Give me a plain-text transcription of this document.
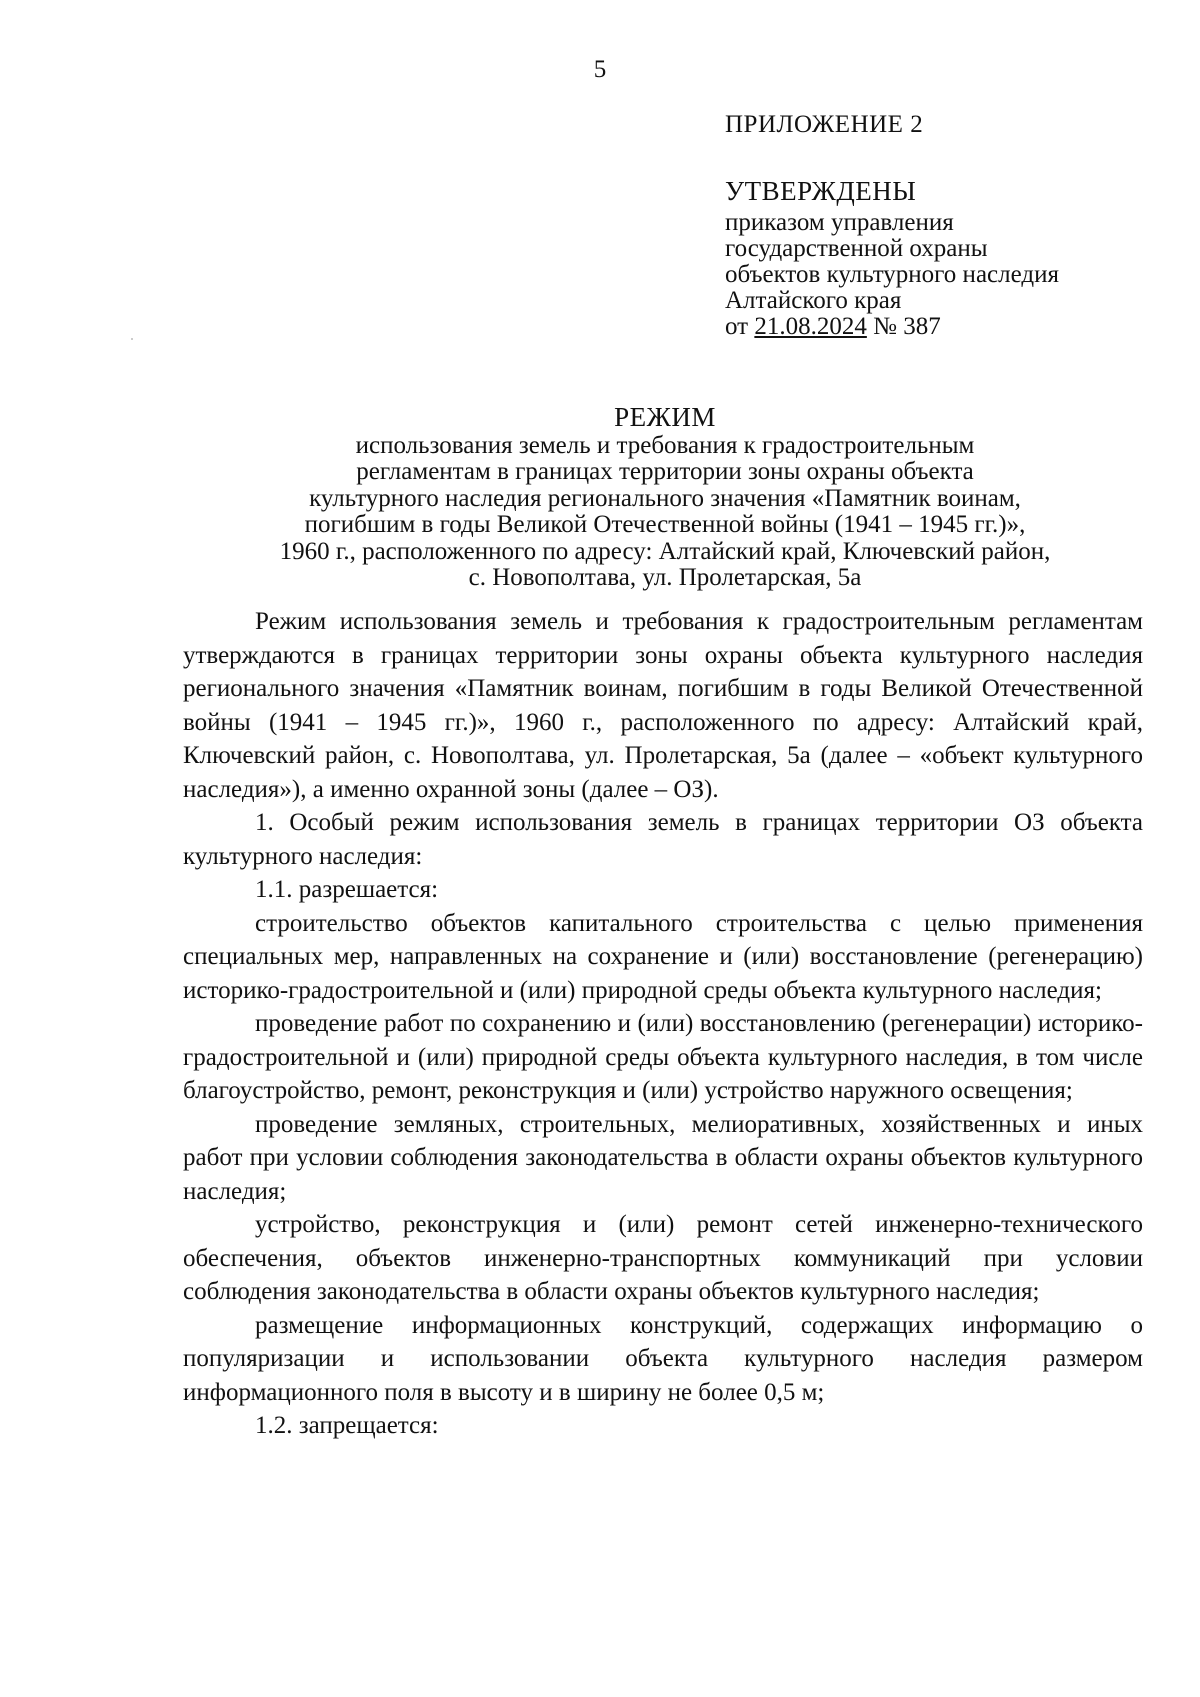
5
ПРИЛОЖЕНИЕ 2
УТВЕРЖДЕНЫ
приказом управления
государственной охраны
объектов культурного наследия
Алтайского края
от 21.08.2024 № 387
РЕЖИМ
использования земель и требования к градостроительным
регламентам в границах территории зоны охраны объекта
культурного наследия регионального значения «Памятник воинам,
погибшим в годы Великой Отечественной войны (1941 – 1945 гг.)»,
1960 г., расположенного по адресу: Алтайский край, Ключевский район,
с. Новополтава, ул. Пролетарская, 5а

Режим использования земель и требования к градостроительным регламентам утверждаются в границах территории зоны охраны объекта культурного наследия регионального значения «Памятник воинам, погибшим в годы Великой Отечественной войны (1941 – 1945 гг.)», 1960 г., расположенного по адресу: Алтайский край, Ключевский район, с. Новополтава, ул. Пролетарская, 5а (далее – «объект культурного наследия»), а именно охранной зоны (далее – ОЗ).

1. Особый режим использования земель в границах территории ОЗ объекта культурного наследия:

1.1. разрешается:

строительство объектов капитального строительства с целью применения специальных мер, направленных на сохранение и (или) восстановление (регенерацию) историко-градостроительной и (или) природной среды объекта культурного наследия;

проведение работ по сохранению и (или) восстановлению (регенерации) историко-градостроительной и (или) природной среды объекта культурного наследия, в том числе благоустройство, ремонт, реконструкция и (или) устройство наружного освещения;

проведение земляных, строительных, мелиоративных, хозяйственных и иных работ при условии соблюдения законодательства в области охраны объектов культурного наследия;

устройство, реконструкция и (или) ремонт сетей инженерно-технического обеспечения, объектов инженерно-транспортных коммуникаций при условии соблюдения законодательства в области охраны объектов культурного наследия;

размещение информационных конструкций, содержащих информацию о популяризации и использовании объекта культурного наследия размером информационного поля в высоту и в ширину не более 0,5 м;

1.2. запрещается:
